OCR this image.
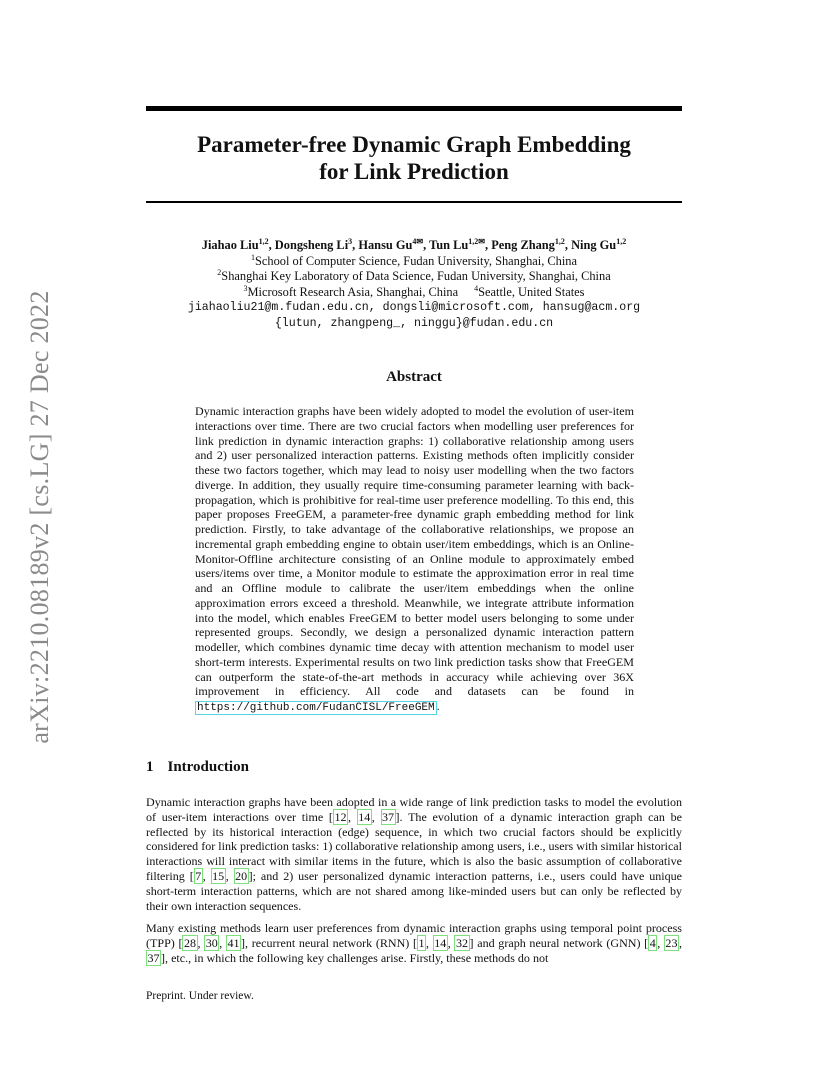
arXiv:2210.08189v2 [cs.LG] 27 Dec 2022
Parameter-free Dynamic Graph Embedding
for Link Prediction
Jiahao Liu$^{1,2}$, Dongsheng Li$^3$, Hansu $Gu^{4✉}$, Tun $Lu^{1,2✉}$, Peng Zhang$^{1,2}$, Ning Gu$^{1,2}$
$^1$School of Computer Science, Fudan University, Shanghai, China
$^2$Shanghai Key Laboratory of Data Science, Fudan University, Shanghai, China
$^3$Microsoft Research Asia, Shanghai, China $^4$Seattle, United States
jiahaoliu21@m.fudan.edu.cn, dongsli@microsoft.com, hansug@acm.org
{lutun, zhangpeng_, ninggu}@fudan.edu.cn
Abstract
Dynamic interaction graphs have been widely adopted to model the evolution of user-item interactions over time. There are two crucial factors when modelling user preferences for link prediction in dynamic interaction graphs: 1) collaborative relationship among users and 2) user personalized interaction patterns. Existing methods often implicitly consider these two factors together, which may lead to noisy user modelling when the two factors diverge. In addition, they usually require time-consuming parameter learning with back-propagation, which is prohibitive for real-time user preference modelling. To this end, this paper proposes FreeGEM, a parameter-free dynamic graph embedding method for link prediction. Firstly, to take advantage of the collaborative relationships, we propose an incremental graph embedding engine to obtain user/item embeddings, which is an Online-Monitor-Offline architecture consisting of an Online module to approximately embed users/items over time, a Monitor module to estimate the approximation error in real time and an Offline module to calibrate the user/item embeddings when the online approximation errors exceed a threshold. Meanwhile, we integrate attribute information into the model, which enables FreeGEM to better model users belonging to some under represented groups. Secondly, we design a personalized dynamic interaction pattern modeller, which combines dynamic time decay with attention mechanism to model user short-term interests. Experimental results on two link prediction tasks show that FreeGEM can outperform the state-of-the-art methods in accuracy while achieving over 36X improvement in efficiency. All code and datasets can be found in https://github.com/FudanCISL/FreeGEM .
1 Introduction
Dynamic interaction graphs have been adopted in a wide range of link prediction tasks to model the evolution of user-item interactions over time [ 12 , 14 , 37 ]. The evolution of a dynamic interaction graph can be reflected by its historical interaction (edge) sequence, in which two crucial factors should be explicitly considered for link prediction tasks: 1) collaborative relationship among users, i.e., users with similar historical interactions will interact with similar items in the future, which is also the basic assumption of collaborative filtering [ 7 , 15 , 20 ]; and 2) user personalized dynamic interaction patterns, i.e., users could have unique short-term interaction patterns, which are not shared among like-minded users but can only be reflected by their own interaction sequences.
Many existing methods learn user preferences from dynamic interaction graphs using temporal point process (TPP) [ 28 , 30 , 41 ], recurrent neural network (RNN) [ 1 , 14 , 32 ] and graph neural network (GNN) [ 4 , 23 , 37 ], etc., in which the following key challenges arise. Firstly, these methods do not
Preprint. Under review.
